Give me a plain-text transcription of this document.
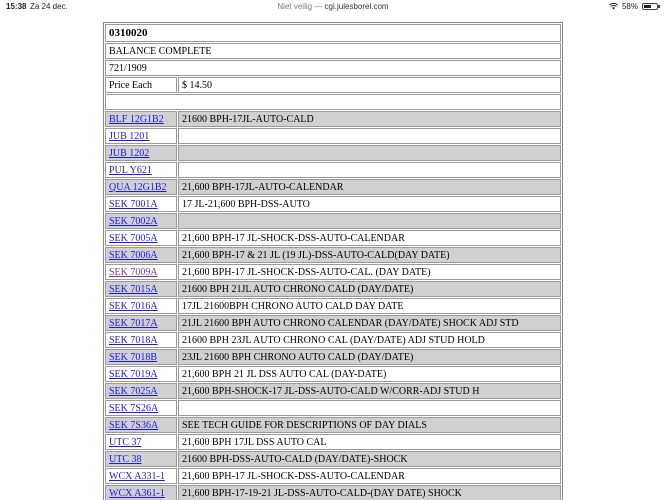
15:38 Za 24 dec.	Niet veilig — cgi.julesborel.com	58%
0310020	
BALANCE COMPLETE	
721/1909	
Price Each	$ 14.50

BLF 12G1B2	21600 BPH-17JL-AUTO-CALD
JUB 1201	
JUB 1202	
PUL Y621	
QUA 12G1B2	21,600 BPH-17JL-AUTO-CALENDAR
SEK 7001A	17 JL-21,600 BPH-DSS-AUTO
SEK 7002A	
SEK 7005A	21,600 BPH-17 JL-SHOCK-DSS-AUTO-CALENDAR
SEK 7006A	21,600 BPH-17 & 21 JL (19 JL)-DSS-AUTO-CALD(DAY DATE)
SEK 7009A	21,600 BPH-17 JL-SHOCK-DSS-AUTO-CAL. (DAY DATE)
SEK 7015A	21600 BPH 21JL AUTO CHRONO CALD (DAY/DATE)
SEK 7016A	17JL 21600BPH CHRONO AUTO CALD DAY DATE
SEK 7017A	21JL 21600 BPH AUTO CHRONO CALENDAR (DAY/DATE) SHOCK ADJ STD
SEK 7018A	21600 BPH 23JL AUTO CHRONO CAL (DAY/DATE) ADJ STUD HOLD
SEK 7018B	23JL 21600 BPH CHRONO AUTO CALD (DAY/DATE)
SEK 7019A	21,600 BPH 21 JL DSS AUTO CAL (DAY-DATE)
SEK 7025A	21,600 BPH-SHOCK-17 JL-DSS-AUTO-CALD W/CORR-ADJ STUD H
SEK 7S26A	
SEK 7S36A	SEE TECH GUIDE FOR DESCRIPTIONS OF DAY DIALS
UTC 37	21,600 BPH 17JL DSS AUTO CAL
UTC 38	21600 BPH-DSS-AUTO-CALD (DAY/DATE)-SHOCK
WCX A331-1	21,600 BPH-17 JL-SHOCK-DSS-AUTO-CALENDAR
WCX A361-1	21,600 BPH-17-19-21 JL-DSS-AUTO-CALD-(DAY DATE) SHOCK
